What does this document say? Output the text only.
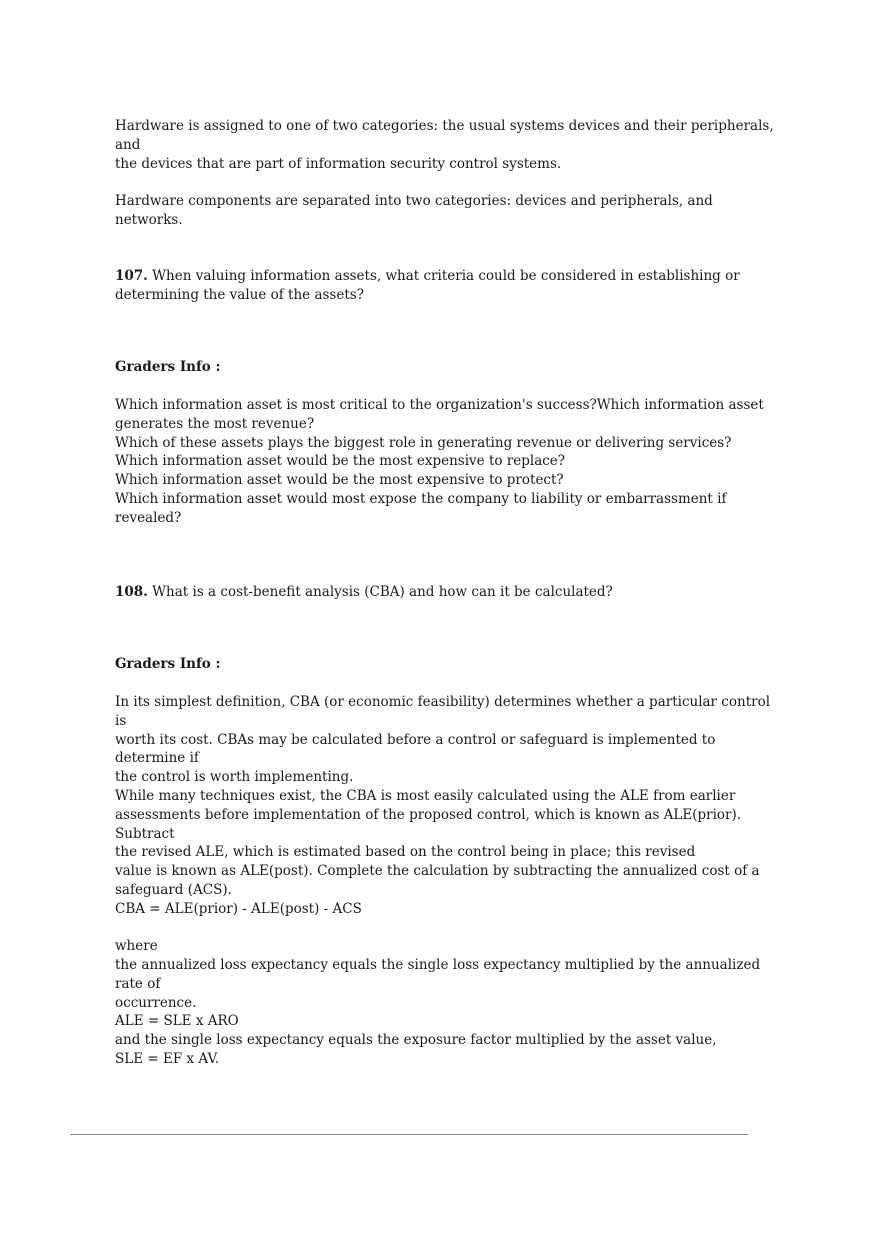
Hardware is assigned to one of two categories: the usual systems devices and their peripherals, and
the devices that are part of information security control systems.

Hardware components are separated into two categories: devices and peripherals, and networks.

107. When valuing information assets, what criteria could be considered in establishing or
determining the value of the assets?

Graders Info :

Which information asset is most critical to the organization's success?Which information asset
generates the most revenue?
Which of these assets plays the biggest role in generating revenue or delivering services?
Which information asset would be the most expensive to replace?
Which information asset would be the most expensive to protect?
Which information asset would most expose the company to liability or embarrassment if revealed?

108. What is a cost-benefit analysis (CBA) and how can it be calculated?

Graders Info :

In its simplest definition, CBA (or economic feasibility) determines whether a particular control is
worth its cost. CBAs may be calculated before a control or safeguard is implemented to determine if
the control is worth implementing.
While many techniques exist, the CBA is most easily calculated using the ALE from earlier
assessments before implementation of the proposed control, which is known as ALE(prior). Subtract
the revised ALE, which is estimated based on the control being in place; this revised
value is known as ALE(post). Complete the calculation by subtracting the annualized cost of a
safeguard (ACS).
CBA = ALE(prior) - ALE(post) - ACS

where
the annualized loss expectancy equals the single loss expectancy multiplied by the annualized rate of
occurrence.
ALE = SLE x ARO
and the single loss expectancy equals the exposure factor multiplied by the asset value,
SLE = EF x AV.
